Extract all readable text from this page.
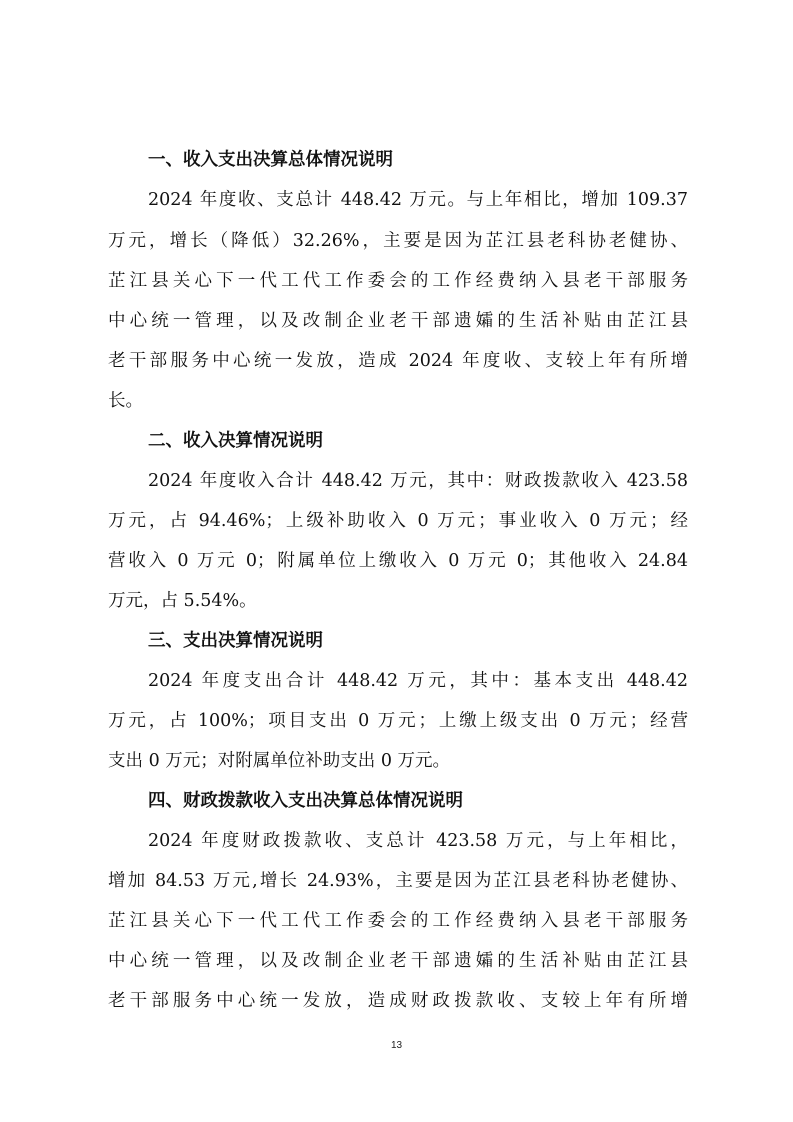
一、收入支出决算总体情况说明
2024 年度收、支总计 448.42 万元。与上年相比，增加 109.37
万元，增长（降低）32.26%，主要是因为芷江县老科协老健协、
芷江县关心下一代工代工作委会的工作经费纳入县老干部服务
中心统一管理，以及改制企业老干部遗孀的生活补贴由芷江县
老干部服务中心统一发放，造成 2024 年度收、支较上年有所增
长。
二、收入决算情况说明
2024 年度收入合计 448.42 万元，其中：财政拨款收入 423.58
万元，占 94.46%；上级补助收入 0 万元；事业收入 0 万元；经
营收入 0 万元 0；附属单位上缴收入 0 万元 0；其他收入 24.84
万元，占 5.54%。
三、支出决算情况说明
2024 年度支出合计 448.42 万元，其中：基本支出 448.42
万元，占 100%；项目支出 0 万元；上缴上级支出 0 万元；经营
支出 0 万元；对附属单位补助支出 0 万元。
四、财政拨款收入支出决算总体情况说明
2024 年度财政拨款收、支总计 423.58 万元，与上年相比，
增加 84.53 万元,增长 24.93%，主要是因为芷江县老科协老健协、
芷江县关心下一代工代工作委会的工作经费纳入县老干部服务
中心统一管理，以及改制企业老干部遗孀的生活补贴由芷江县
老干部服务中心统一发放，造成财政拨款收、支较上年有所增
13
